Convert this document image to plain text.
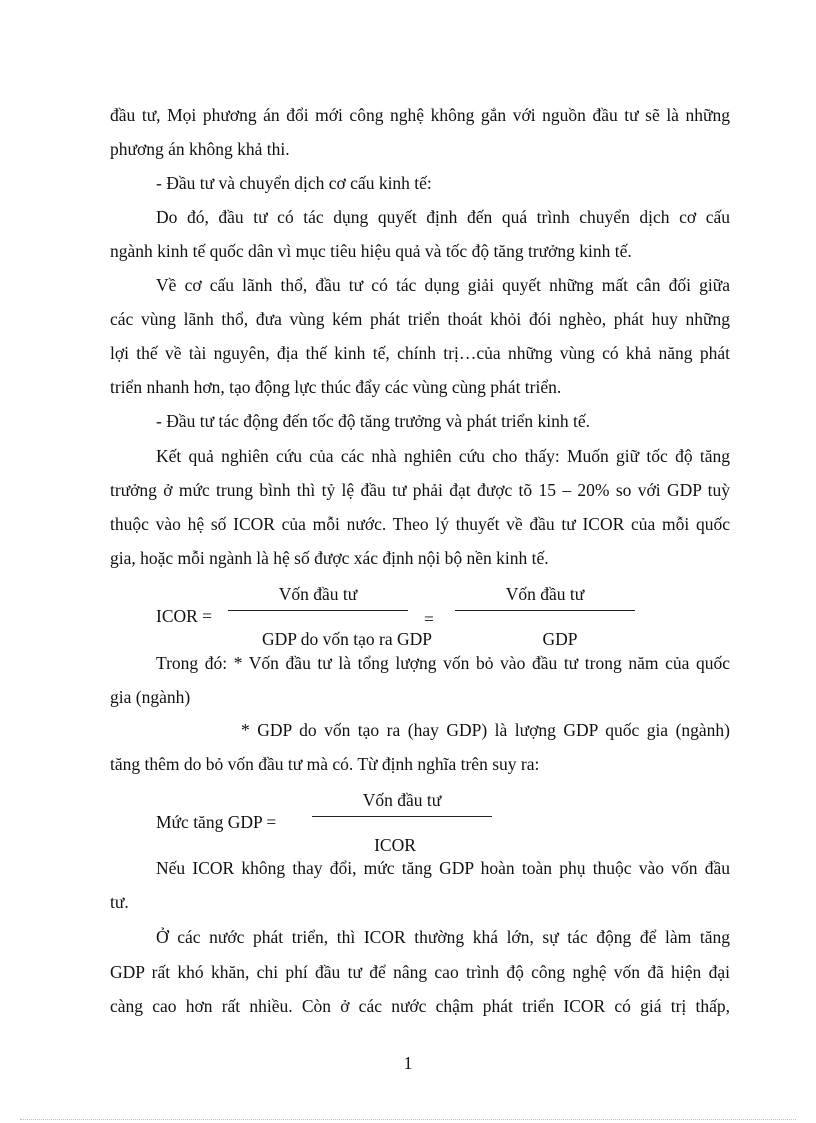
đầu tư, Mọi phương án đổi mới công nghệ không gắn với nguồn đầu tư sẽ là những
phương án không khả thi.
- Đầu tư và chuyển dịch cơ cấu kinh tế:
Do đó, đầu tư có tác dụng quyết định đến quá trình chuyển dịch cơ cấu
ngành kinh tế quốc dân vì mục tiêu hiệu quả và tốc độ tăng trưởng kinh tế.
Về cơ cấu lãnh thổ, đầu tư có tác dụng giải quyết những mất cân đối giữa
các vùng lãnh thổ, đưa vùng kém phát triển thoát khỏi đói nghèo, phát huy những
lợi thế về tài nguyên, địa thế kinh tế, chính trị…của những vùng có khả năng phát
triển nhanh hơn, tạo động lực thúc đẩy các vùng cùng phát triển.
- Đầu tư tác động đến tốc độ tăng trưởng và phát triển kinh tế.
Kết quả nghiên cứu của các nhà nghiên cứu cho thấy: Muốn giữ tốc độ tăng
trưởng ở mức trung bình thì tỷ lệ đầu tư phải đạt được tõ 15 – 20% so với GDP tuỳ
thuộc vào hệ số ICOR của mỗi nước. Theo lý thuyết về đầu tư ICOR của mỗi quốc
gia, hoặc mỗi ngành là hệ số được xác định nội bộ nền kinh tế.
ICOR =
Vốn đầu tư
GDP do vốn tạo ra GDP
=
Vốn đầu tư
GDP
Trong đó: * Vốn đầu tư là tổng lượng vốn bỏ vào đầu tư trong năm của quốc
gia (ngành)
* GDP do vốn tạo ra (hay GDP) là lượng GDP quốc gia (ngành)
tăng thêm do bỏ vốn đầu tư mà có. Từ định nghĩa trên suy ra:
Mức tăng GDP =
Vốn đầu tư
ICOR
Nếu ICOR không thay đổi, mức tăng GDP hoàn toàn phụ thuộc vào vốn đầu
tư.
Ở các nước phát triển, thì ICOR thường khá lớn, sự tác động để làm tăng
GDP rất khó khăn, chi phí đầu tư để nâng cao trình độ công nghệ vốn đã hiện đại
càng cao hơn rất nhiều. Còn ở các nước chậm phát triển ICOR có giá trị thấp,
1
